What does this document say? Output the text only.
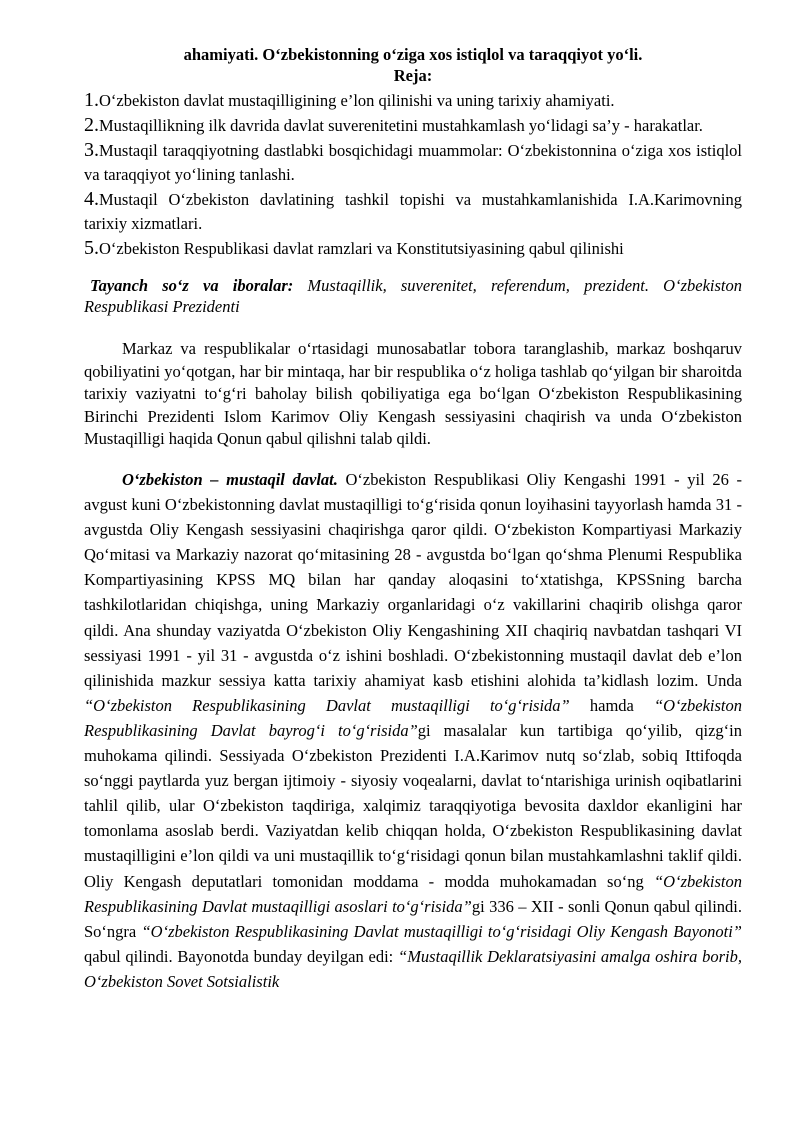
ahamiyati. O‘zbekistonning o‘ziga xos istiqlol va taraqqiyot yo‘li.
Reja:
1.O‘zbekiston davlat mustaqilligining e’lon qilinishi va uning tarixiy ahamiyati.
2.Mustaqillikning ilk davrida davlat suverenitetini mustahkamlash yo‘lidagi sa’y - harakatlar.
3.Mustaqil taraqqiyotning dastlabki bosqichidagi muammolar: O‘zbekistonnina o‘ziga xos istiqlol va taraqqiyot yo‘lining tanlashi.
4.Mustaqil O‘zbekiston davlatining tashkil topishi va mustahkamlanishida I.A.Karimovning tarixiy xizmatlari.
5.O‘zbekiston Respublikasi davlat ramzlari va Konstitutsiyasining qabul qilinishi
Tayanch so‘z va iboralar: Mustaqillik, suverenitet, referendum, prezident. O‘zbekiston Respublikasi Prezidenti

Markaz va respublikalar o‘rtasidagi munosabatlar tobora taranglashib, markaz boshqaruv qobiliyatini yo‘qotgan, har bir mintaqa, har bir respublika o‘z holiga tashlab qo‘yilgan bir sharoitda tarixiy vaziyatni to‘g‘ri baholay bilish qobiliyatiga ega bo‘lgan O‘zbekiston Respublikasining Birinchi Prezidenti Islom Karimov Oliy Kengash sessiyasini chaqirish va unda O‘zbekiston Mustaqilligi haqida Qonun qabul qilishni talab qildi.

O‘zbekiston – mustaqil davlat. O‘zbekiston Respublikasi Oliy Kengashi 1991 - yil 26 - avgust kuni O‘zbekistonning davlat mustaqilligi to‘g‘risida qonun loyihasini tayyorlash hamda 31 - avgustda Oliy Kengash sessiyasini chaqirishga qaror qildi. O‘zbekiston Kompartiyasi Markaziy Qo‘mitasi va Markaziy nazorat qo‘mitasining 28 - avgustda bo‘lgan qo‘shma Plenumi Respublika Kompartiyasining KPSS MQ bilan har qanday aloqasini to‘xtatishga, KPSSning barcha tashkilotlaridan chiqishga, uning Markaziy organlaridagi o‘z vakillarini chaqirib olishga qaror qildi. Ana shunday vaziyatda O‘zbekiston Oliy Kengashining XII chaqiriq navbatdan tashqari VI sessiyasi 1991 - yil 31 - avgustda o‘z ishini boshladi. O‘zbekistonning mustaqil davlat deb e’lon qilinishida mazkur sessiya katta tarixiy ahamiyat kasb etishini alohida ta’kidlash lozim. Unda “O‘zbekiston Respublikasining Davlat mustaqilligi to‘g‘risida” hamda “O‘zbekiston Respublikasining Davlat bayrog‘i to‘g‘risida”gi masalalar kun tartibiga qo‘yilib, qizg‘in muhokama qilindi. Sessiyada O‘zbekiston Prezidenti I.A.Karimov nutq so‘zlab, sobiq Ittifoqda so‘nggi paytlarda yuz bergan ijtimoiy - siyosiy voqealarni, davlat to‘ntarishiga urinish oqibatlarini tahlil qilib, ular O‘zbekiston taqdiriga, xalqimiz taraqqiyotiga bevosita daxldor ekanligini har tomonlama asoslab berdi. Vaziyatdan kelib chiqqan holda, O‘zbekiston Respublikasining davlat mustaqilligini e’lon qildi va uni mustaqillik to‘g‘risidagi qonun bilan mustahkamlashni taklif qildi. Oliy Kengash deputatlari tomonidan moddama - modda muhokamadan so‘ng “O‘zbekiston Respublikasining Davlat mustaqilligi asoslari to‘g‘risida”gi 336 – XII - sonli Qonun qabul qilindi. So‘ngra “O‘zbekiston Respublikasining Davlat mustaqilligi to‘g‘risidagi Oliy Kengash Bayonoti” qabul qilindi. Bayonotda bunday deyilgan edi: “Mustaqillik Deklaratsiyasini amalga oshira borib, O‘zbekiston Sovet Sotsialistik
